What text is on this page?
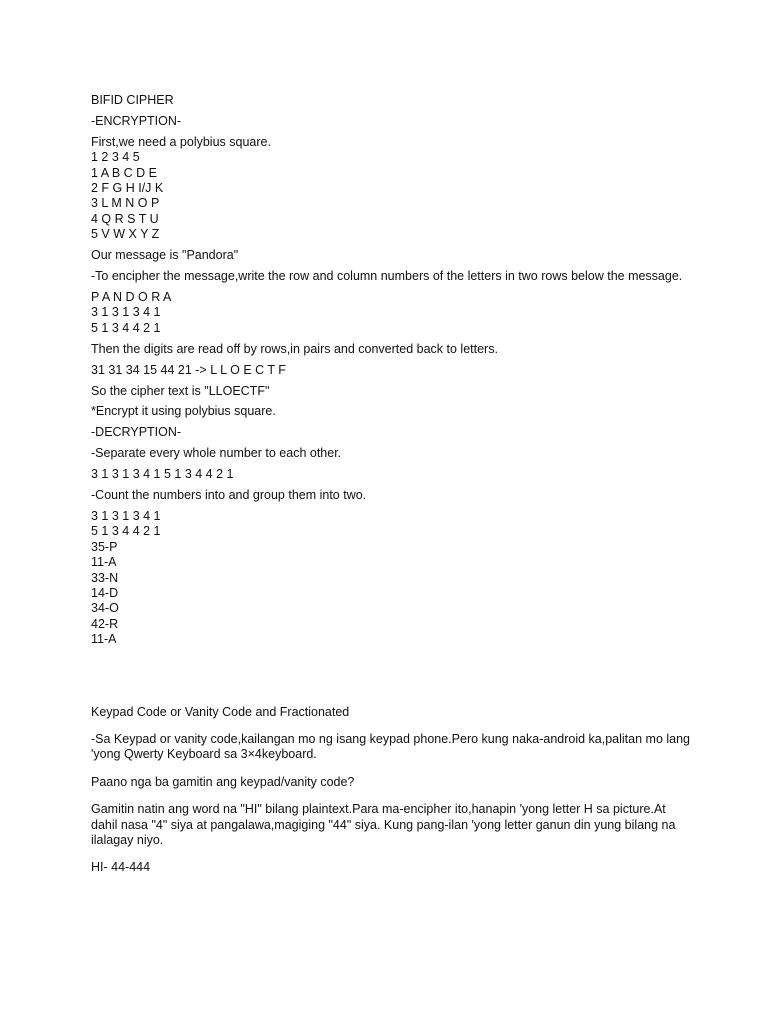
BIFID CIPHER
-ENCRYPTION-
First,we need a polybius square.
1 2 3 4 5
1 A B C D E
2 F G H I/J K
3 L M N O P
4 Q R S T U
5 V W X Y Z
Our message is "Pandora"
-To encipher the message,write the row and column numbers of the letters in two rows below the message.
P A N D O R A
3 1 3 1 3 4 1
5 1 3 4 4 2 1
Then the digits are read off by rows,in pairs and converted back to letters.
31 31 34 15 44 21 -> L L O E C T F
So the cipher text is "LLOECTF"
*Encrypt it using polybius square.
-DECRYPTION-
-Separate every whole number to each other.
3 1 3 1 3 4 1 5 1 3 4 4 2 1
-Count the numbers into and group them into two.
3 1 3 1 3 4 1
5 1 3 4 4 2 1
35-P
11-A
33-N
14-D
34-O
42-R
11-A
Keypad Code or Vanity Code and Fractionated
-Sa Keypad or vanity code,kailangan mo ng isang keypad phone.Pero kung naka-android ka,palitan mo lang 'yong Qwerty Keyboard sa 3×4keyboard.
Paano nga ba gamitin ang keypad/vanity code?
Gamitin natin ang word na "HI" bilang plaintext.Para ma-encipher ito,hanapin 'yong letter H sa picture.At dahil nasa "4" siya at pangalawa,magiging "44" siya. Kung pang-ilan 'yong letter ganun din yung bilang na ilalagay niyo.
HI- 44-444
